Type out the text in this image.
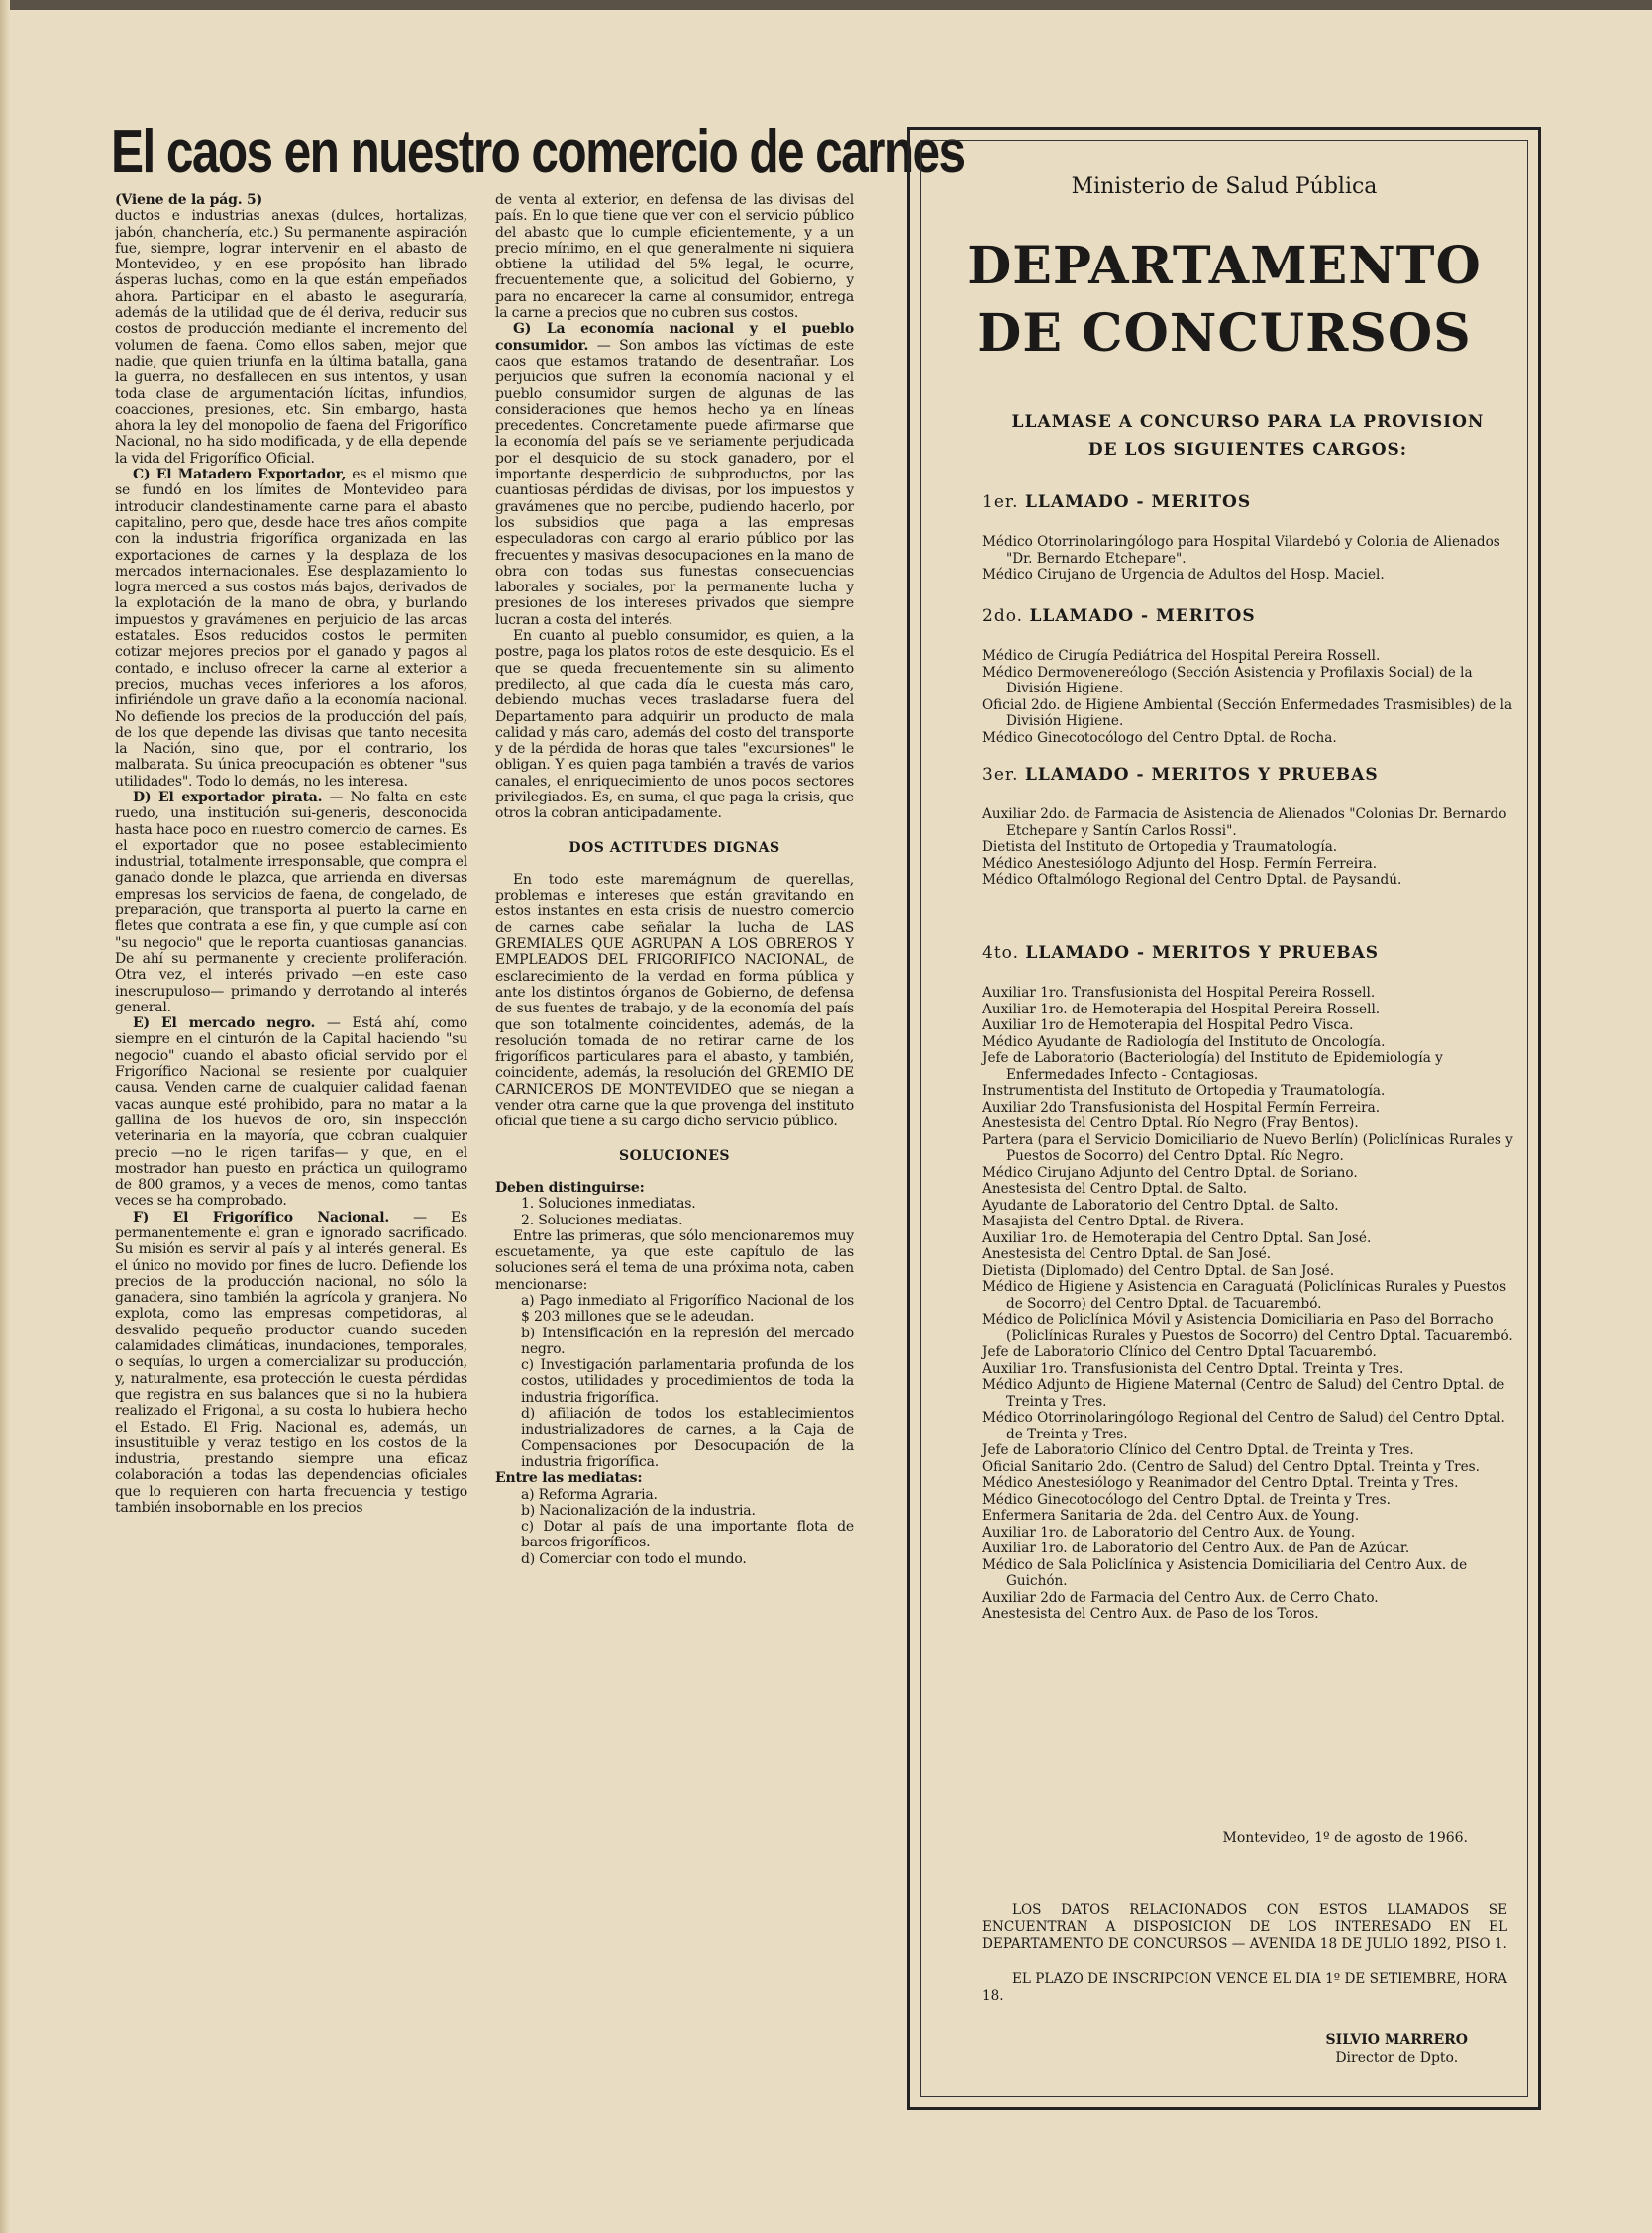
El caos en nuestro comercio de carnes

(Viene de la pág. 5)

ductos e industrias anexas (dulces, hortalizas, jabón, chanchería, etc.) Su permanente aspiración fue, siempre, lograr intervenir en el abasto de Montevideo, y en ese propósito han librado ásperas luchas, como en la que están empeñados ahora. Participar en el abasto le aseguraría, además de la utilidad que de él deriva, reducir sus costos de producción mediante el incremento del volumen de faena. Como ellos saben, mejor que nadie, que quien triunfa en la última batalla, gana la guerra, no desfallecen en sus intentos, y usan toda clase de argumentación lícitas, infundios, coacciones, presiones, etc. Sin embargo, hasta ahora la ley del monopolio de faena del Frigorífico Nacional, no ha sido modificada, y de ella depende la vida del Frigorífico Oficial.

C) El Matadero Exportador, es el mismo que se fundó en los límites de Montevideo para introducir clandestinamente carne para el abasto capitalino, pero que, desde hace tres años compite con la industria frigorífica organizada en las exportaciones de carnes y la desplaza de los mercados internacionales. Ese desplazamiento lo logra merced a sus costos más bajos, derivados de la explotación de la mano de obra, y burlando impuestos y gravámenes en perjuicio de las arcas estatales. Esos reducidos costos le permiten cotizar mejores precios por el ganado y pagos al contado, e incluso ofrecer la carne al exterior a precios, muchas veces inferiores a los aforos, infiriéndole un grave daño a la economía nacional. No defiende los precios de la producción del país, de los que depende las divisas que tanto necesita la Nación, sino que, por el contrario, los malbarata. Su única preocupación es obtener "sus utilidades". Todo lo demás, no les interesa.

D) El exportador pirata. — No falta en este ruedo, una institución sui-generis, desconocida hasta hace poco en nuestro comercio de carnes. Es el exportador que no posee establecimiento industrial, totalmente irresponsable, que compra el ganado donde le plazca, que arrienda en diversas empresas los servicios de faena, de congelado, de preparación, que transporta al puerto la carne en fletes que contrata a ese fin, y que cumple así con "su negocio" que le reporta cuantiosas ganancias. De ahí su permanente y creciente proliferación. Otra vez, el interés privado —en este caso inescrupuloso— primando y derrotando al interés general.

E) El mercado negro. — Está ahí, como siempre en el cinturón de la Capital haciendo "su negocio" cuando el abasto oficial servido por el Frigorífico Nacional se resiente por cualquier causa. Venden carne de cualquier calidad faenan vacas aunque esté prohibido, para no matar a la gallina de los huevos de oro, sin inspección veterinaria en la mayoría, que cobran cualquier precio —no le rigen tarifas— y que, en el mostrador han puesto en práctica un quilogramo de 800 gramos, y a veces de menos, como tantas veces se ha comprobado.

F) El Frigorífico Nacional. — Es permanentemente el gran e ignorado sacrificado. Su misión es servir al país y al interés general. Es el único no movido por fines de lucro. Defiende los precios de la producción nacional, no sólo la ganadera, sino también la agrícola y granjera. No explota, como las empresas competidoras, al desvalido pequeño productor cuando suceden calamidades climáticas, inundaciones, temporales, o sequías, lo urgen a comercializar su producción, y, naturalmente, esa protección le cuesta pérdidas que registra en sus balances que si no la hubiera realizado el Frigonal, a su costa lo hubiera hecho el Estado. El Frig. Nacional es, además, un insustituible y veraz testigo en los costos de la industria, prestando siempre una eficaz colaboración a todas las dependencias oficiales que lo requieren con harta frecuencia y testigo también insobornable en los precios

de venta al exterior, en defensa de las divisas del país. En lo que tiene que ver con el servicio público del abasto que lo cumple eficientemente, y a un precio mínimo, en el que generalmente ni siquiera obtiene la utilidad del 5% legal, le ocurre, frecuentemente que, a solicitud del Gobierno, y para no encarecer la carne al consumidor, entrega la carne a precios que no cubren sus costos.

G) La economía nacional y el pueblo consumidor. — Son ambos las víctimas de este caos que estamos tratando de desentrañar. Los perjuicios que sufren la economía nacional y el pueblo consumidor surgen de algunas de las consideraciones que hemos hecho ya en líneas precedentes. Concretamente puede afirmarse que la economía del país se ve seriamente perjudicada por el desquicio de su stock ganadero, por el importante desperdicio de subproductos, por las cuantiosas pérdidas de divisas, por los impuestos y gravámenes que no percibe, pudiendo hacerlo, por los subsidios que paga a las empresas especuladoras con cargo al erario público por las frecuentes y masivas desocupaciones en la mano de obra con todas sus funestas consecuencias laborales y sociales, por la permanente lucha y presiones de los intereses privados que siempre lucran a costa del interés.

En cuanto al pueblo consumidor, es quien, a la postre, paga los platos rotos de este desquicio. Es el que se queda frecuentemente sin su alimento predilecto, al que cada día le cuesta más caro, debiendo muchas veces trasladarse fuera del Departamento para adquirir un producto de mala calidad y más caro, además del costo del transporte y de la pérdida de horas que tales "excursiones" le obligan. Y es quien paga también a través de varios canales, el enriquecimiento de unos pocos sectores privilegiados. Es, en suma, el que paga la crisis, que otros la cobran anticipadamente.

DOS ACTITUDES DIGNAS

En todo este maremágnum de querellas, problemas e intereses que están gravitando en estos instantes en esta crisis de nuestro comercio de carnes cabe señalar la lucha de LAS GREMIALES QUE AGRUPAN A LOS OBREROS Y EMPLEADOS DEL FRIGORIFICO NACIONAL, de esclarecimiento de la verdad en forma pública y ante los distintos órganos de Gobierno, de defensa de sus fuentes de trabajo, y de la economía del país que son totalmente coincidentes, además, de la resolución tomada de no retirar carne de los frigoríficos particulares para el abasto, y también, coincidente, además, la resolución del GREMIO DE CARNICEROS DE MONTEVIDEO que se niegan a vender otra carne que la que provenga del instituto oficial que tiene a su cargo dicho servicio público.

SOLUCIONES

Deben distinguirse:

1. Soluciones inmediatas.

2. Soluciones mediatas.

Entre las primeras, que sólo mencionaremos muy escuetamente, ya que este capítulo de las soluciones será el tema de una próxima nota, caben mencionarse:

a) Pago inmediato al Frigorífico Nacional de los $ 203 millones que se le adeudan.

b) Intensificación en la represión del mercado negro.

c) Investigación parlamentaria profunda de los costos, utilidades y procedimientos de toda la industria frigorífica.

d) afiliación de todos los establecimientos industrializadores de carnes, a la Caja de Compensaciones por Desocupación de la industria frigorífica.

Entre las mediatas:

a) Reforma Agraria.

b) Nacionalización de la industria.

c) Dotar al país de una importante flota de barcos frigoríficos.

d) Comerciar con todo el mundo.

Ministerio de Salud Pública
DEPARTAMENTO
DE CONCURSOS
LLAMASE A CONCURSO PARA LA PROVISION
DE LOS SIGUIENTES CARGOS:
1er. LLAMADO - MERITOS
Médico Otorrinolaringólogo para Hospital Vilardebó y Colonia de Alienados "Dr. Bernardo Etchepare".
Médico Cirujano de Urgencia de Adultos del Hosp. Maciel.
2do. LLAMADO - MERITOS
Médico de Cirugía Pediátrica del Hospital Pereira Rossell.
Médico Dermovenereólogo (Sección Asistencia y Profilaxis Social) de la División Higiene.
Oficial 2do. de Higiene Ambiental (Sección Enfermedades Trasmisibles) de la División Higiene.
Médico Ginecotocólogo del Centro Dptal. de Rocha.
3er. LLAMADO - MERITOS Y PRUEBAS
Auxiliar 2do. de Farmacia de Asistencia de Alienados "Colonias Dr. Bernardo Etchepare y Santín Carlos Rossi".
Dietista del Instituto de Ortopedia y Traumatología.
Médico Anestesiólogo Adjunto del Hosp. Fermín Ferreira.
Médico Oftalmólogo Regional del Centro Dptal. de Paysandú.
4to. LLAMADO - MERITOS Y PRUEBAS
Auxiliar 1ro. Transfusionista del Hospital Pereira Rossell.
Auxiliar 1ro. de Hemoterapia del Hospital Pereira Rossell.
Auxiliar 1ro de Hemoterapia del Hospital Pedro Visca.
Médico Ayudante de Radiología del Instituto de Oncología.
Jefe de Laboratorio (Bacteriología) del Instituto de Epidemiología y Enfermedades Infecto - Contagiosas.
Instrumentista del Instituto de Ortopedia y Traumatología.
Auxiliar 2do Transfusionista del Hospital Fermín Ferreira.
Anestesista del Centro Dptal. Río Negro (Fray Bentos).
Partera (para el Servicio Domiciliario de Nuevo Berlín) (Policlínicas Rurales y Puestos de Socorro) del Centro Dptal. Río Negro.
Médico Cirujano Adjunto del Centro Dptal. de Soriano.
Anestesista del Centro Dptal. de Salto.
Ayudante de Laboratorio del Centro Dptal. de Salto.
Masajista del Centro Dptal. de Rivera.
Auxiliar 1ro. de Hemoterapia del Centro Dptal. San José.
Anestesista del Centro Dptal. de San José.
Dietista (Diplomado) del Centro Dptal. de San José.
Médico de Higiene y Asistencia en Caraguatá (Policlínicas Rurales y Puestos de Socorro) del Centro Dptal. de Tacuarembó.
Médico de Policlínica Móvil y Asistencia Domiciliaria en Paso del Borracho (Policlínicas Rurales y Puestos de Socorro) del Centro Dptal. Tacuarembó.
Jefe de Laboratorio Clínico del Centro Dptal Tacuarembó.
Auxiliar 1ro. Transfusionista del Centro Dptal. Treinta y Tres.
Médico Adjunto de Higiene Maternal (Centro de Salud) del Centro Dptal. de Treinta y Tres.
Médico Otorrinolaringólogo Regional del Centro de Salud) del Centro Dptal. de Treinta y Tres.
Jefe de Laboratorio Clínico del Centro Dptal. de Treinta y Tres.
Oficial Sanitario 2do. (Centro de Salud) del Centro Dptal. Treinta y Tres.
Médico Anestesiólogo y Reanimador del Centro Dptal. Treinta y Tres.
Médico Ginecotocólogo del Centro Dptal. de Treinta y Tres.
Enfermera Sanitaria de 2da. del Centro Aux. de Young.
Auxiliar 1ro. de Laboratorio del Centro Aux. de Young.
Auxiliar 1ro. de Laboratorio del Centro Aux. de Pan de Azúcar.
Médico de Sala Policlínica y Asistencia Domiciliaria del Centro Aux. de Guichón.
Auxiliar 2do de Farmacia del Centro Aux. de Cerro Chato.
Anestesista del Centro Aux. de Paso de los Toros.
Montevideo, 1º de agosto de 1966.
LOS DATOS RELACIONADOS CON ESTOS LLAMADOS SE ENCUENTRAN A DISPOSICION DE LOS INTERESADO EN EL DEPARTAMENTO DE CONCURSOS — AVENIDA 18 DE JULIO 1892, PISO 1.
EL PLAZO DE INSCRIPCION VENCE EL DIA 1º DE SETIEMBRE, HORA 18.
SILVIO MARRERO
Director de Dpto.
